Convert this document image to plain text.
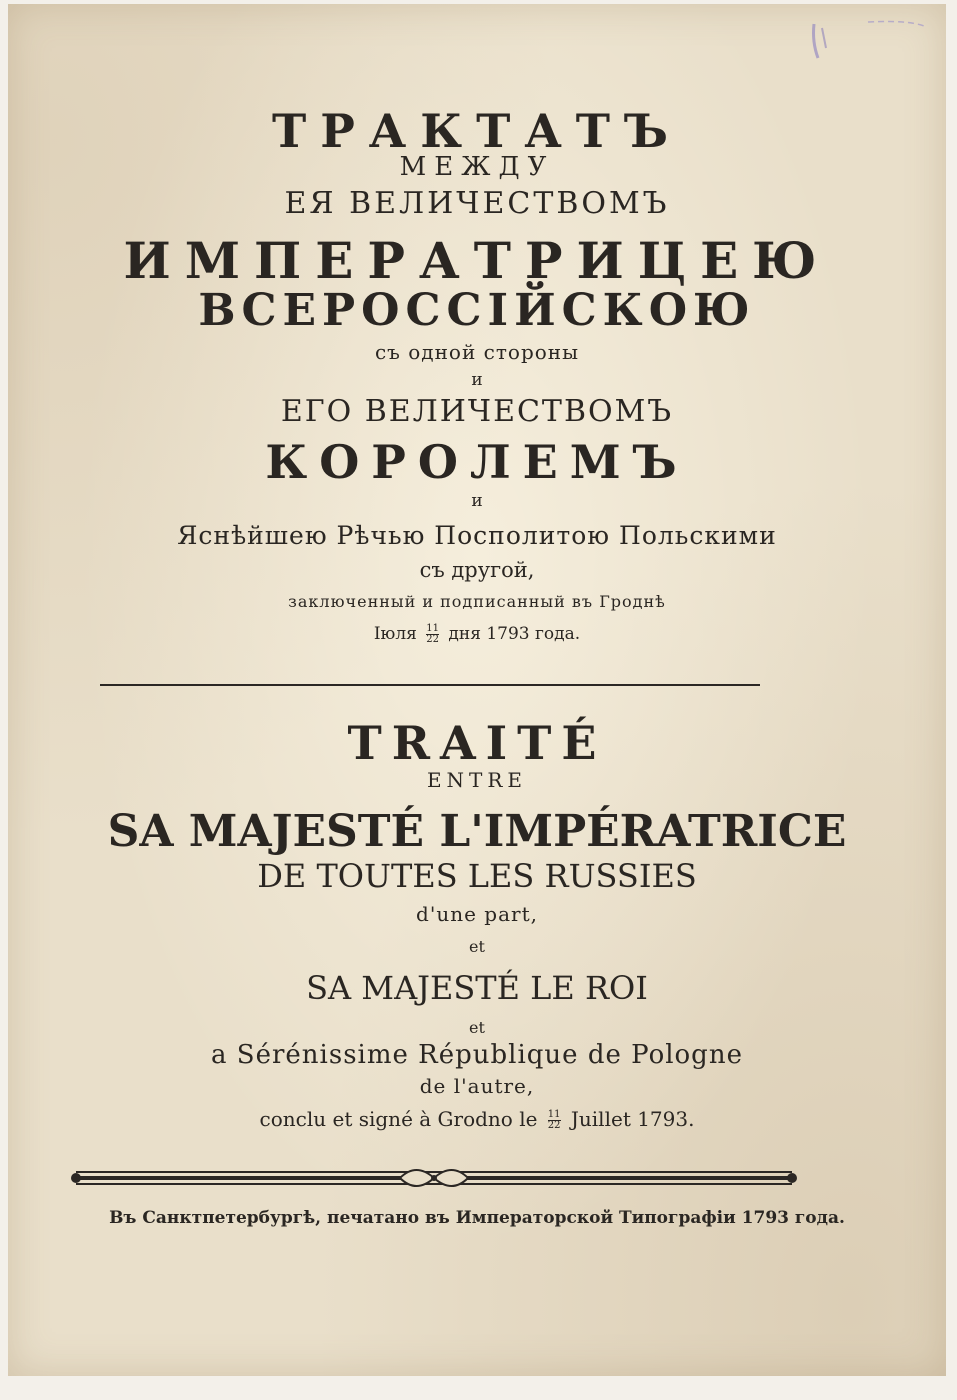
ТРАКТАТЪ
МЕЖДУ
ЕЯ ВЕЛИЧЕСТВОМЪ
ИМПЕРАТРИЦЕЮ
ВСЕРОССІЙСКОЮ
съ одной стороны
и
ЕГО ВЕЛИЧЕСТВОМЪ
КОРОЛЕМЪ
и
Яснѣйшею Рѣчью Посполитою Польскими
съ другой,
заключенный и подписанный въ Гроднѣ
Іюля $\frac{11}{22}$ дня 1793 года.
TRAITÉ
ENTRE
SA MAJESTÉ L'IMPÉRATRICE
DE TOUTES LES RUSSIES
d'une part,
et
SA MAJESTÉ LE ROI
et
a Sérénissime République de Pologne
de l'autre,
conclu et signé à Grodno le $\frac{11}{22}$ Juillet 1793.
Въ Санктпетербургѣ, печатано въ Императорской Типографіи 1793 года.
